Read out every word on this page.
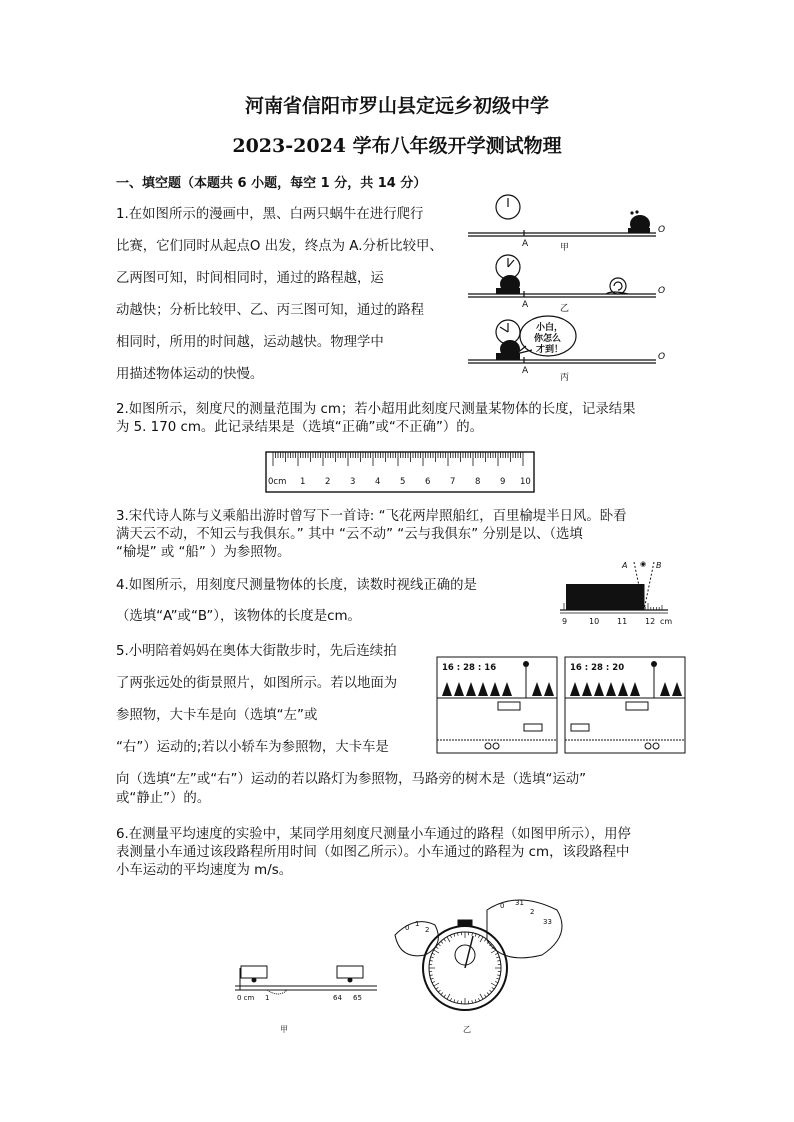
河南省信阳市罗山县定远乡初级中学
2023-2024 学布八年级开学测试物理
一、填空题（本题共 6 小题，每空 1 分，共 14 分）
1.在如图所示的漫画中，黑、白两只蜗牛在进行爬行
比赛，它们同时从起点O 出发，终点为 A.分析比较甲、
乙两图可知，时间相同时，通过的路程越，运
动越快；分析比较甲、乙、丙三图可知，通过的路程
相同时，所用的时间越，运动越快。物理学中
用描述物体运动的快慢。
A
O
甲
A
O
乙
A
O
丙
小白，
你怎么
才到！
2.如图所示，刻度尺的测量范围为 cm；若小超用此刻度尺测量某物体的长度，记录结果
为 5. 170 cm。此记录结果是（选填“正确”或“不正确”）的。
0cm 1 2 3 4 5 6 7 8 9 10
3.宋代诗人陈与义乘船出游时曾写下一首诗: “飞花两岸照船红，百里榆堤半日风。卧看
满天云不动，不知云与我俱东。” 其中 “云不动” “云与我俱东” 分别是以、（选填
“榆堤” 或 “船” ）为参照物。
4.如图所示，用刻度尺测量物体的长度，读数时视线正确的是
（选填“A”或“B”），该物体的长度是cm。
A	B
◉
9	10 11 12 cm
5.小明陪着妈妈在奥体大街散步时，先后连续拍
了两张远处的街景照片，如图所示。若以地面为
参照物，大卡车是向（选填“左”或
“右”）运动的;若以小轿车为参照物，大卡车是
向（选填“左”或“右”）运动的若以路灯为参照物，马路旁的树木是（选填“运动”
或“静止”）的。
16 : 28 : 16	16 : 28 : 20
6.在测量平均速度的实验中，某同学用刻度尺测量小车通过的路程（如图甲所示），用停
表测量小车通过该段路程所用时间（如图乙所示）。小车通过的路程为 cm，该段路程中
小车运动的平均速度为 m/s。
0 cm 1	64 65
甲	乙
0 1
2
0 31
2
33
